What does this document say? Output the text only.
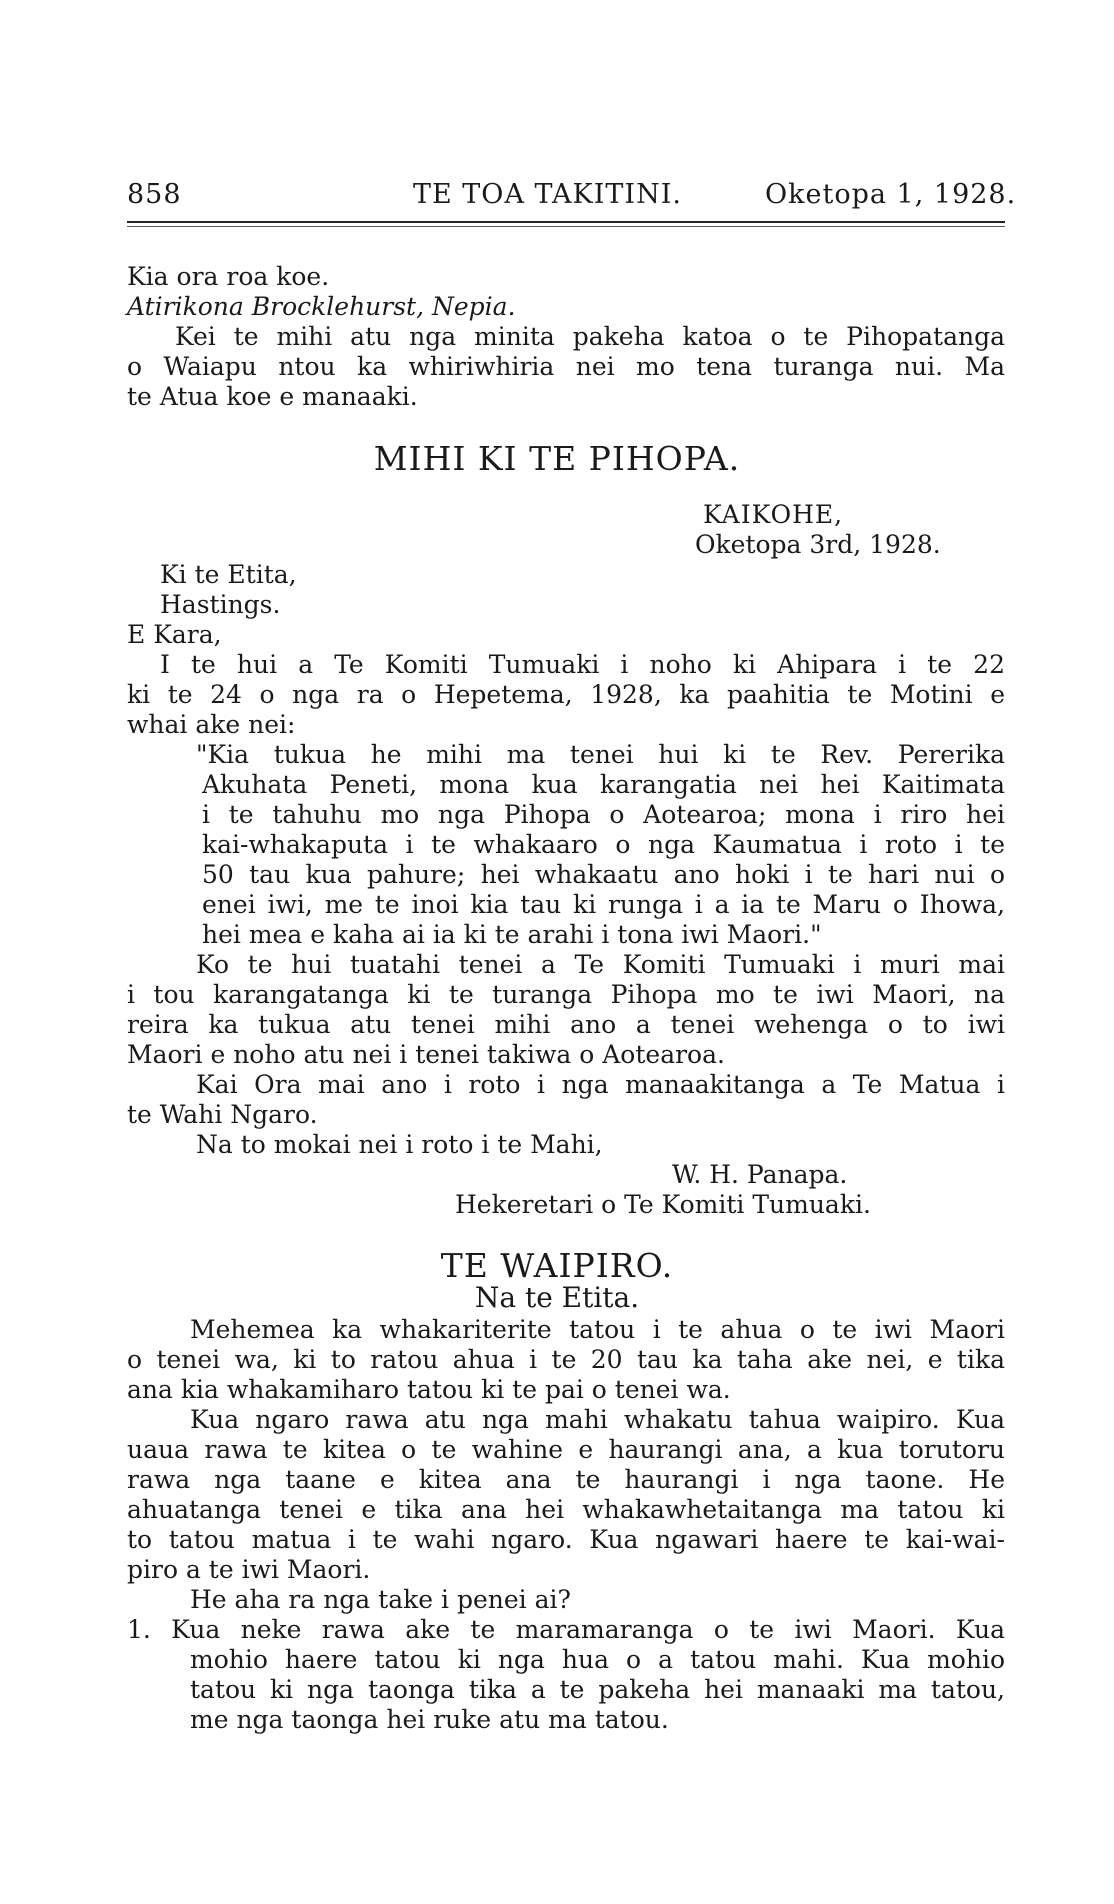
858	TE TOA TAKITINI.	Oketopa 1, 1928.
Kia ora roa koe.
Atirikona Brocklehurst, Nepia.
Kei te mihi atu nga minita pakeha katoa o te Pihopatanga
o Waiapu ntou ka whiriwhiria nei mo tena turanga nui. Ma
te Atua koe e manaaki.
MIHI KI TE PIHOPA.
KAIKOHE,
Oketopa 3rd, 1928.
Ki te Etita,
Hastings.
E Kara,
I te hui a Te Komiti Tumuaki i noho ki Ahipara i te 22
ki te 24 o nga ra o Hepetema, 1928, ka paahitia te Motini e
whai ake nei:
"Kia tukua he mihi ma tenei hui ki te Rev. Pererika
Akuhata Peneti, mona kua karangatia nei hei Kaitimata
i te tahuhu mo nga Pihopa o Aotearoa; mona i riro hei
kai-whakaputa i te whakaaro o nga Kaumatua i roto i te
50 tau kua pahure; hei whakaatu ano hoki i te hari nui o
enei iwi, me te inoi kia tau ki runga i a ia te Maru o Ihowa,
hei mea e kaha ai ia ki te arahi i tona iwi Maori."
Ko te hui tuatahi tenei a Te Komiti Tumuaki i muri mai
i tou karangatanga ki te turanga Pihopa mo te iwi Maori, na
reira ka tukua atu tenei mihi ano a tenei wehenga o to iwi
Maori e noho atu nei i tenei takiwa o Aotearoa.
Kai Ora mai ano i roto i nga manaakitanga a Te Matua i
te Wahi Ngaro.
Na to mokai nei i roto i te Mahi,
W. H. Panapa.
Hekeretari o Te Komiti Tumuaki.
TE WAIPIRO.
Na te Etita.
Mehemea ka whakariterite tatou i te ahua o te iwi Maori
o tenei wa, ki to ratou ahua i te 20 tau ka taha ake nei, e tika
ana kia whakamiharo tatou ki te pai o tenei wa.
Kua ngaro rawa atu nga mahi whakatu tahua waipiro. Kua
uaua rawa te kitea o te wahine e haurangi ana, a kua torutoru
rawa nga taane e kitea ana te haurangi i nga taone. He
ahuatanga tenei e tika ana hei whakawhetaitanga ma tatou ki
to tatou matua i te wahi ngaro. Kua ngawari haere te kai-wai-
piro a te iwi Maori.
He aha ra nga take i penei ai?
1. Kua neke rawa ake te maramaranga o te iwi Maori. Kua
mohio haere tatou ki nga hua o a tatou mahi. Kua mohio
tatou ki nga taonga tika a te pakeha hei manaaki ma tatou,
me nga taonga hei ruke atu ma tatou.
